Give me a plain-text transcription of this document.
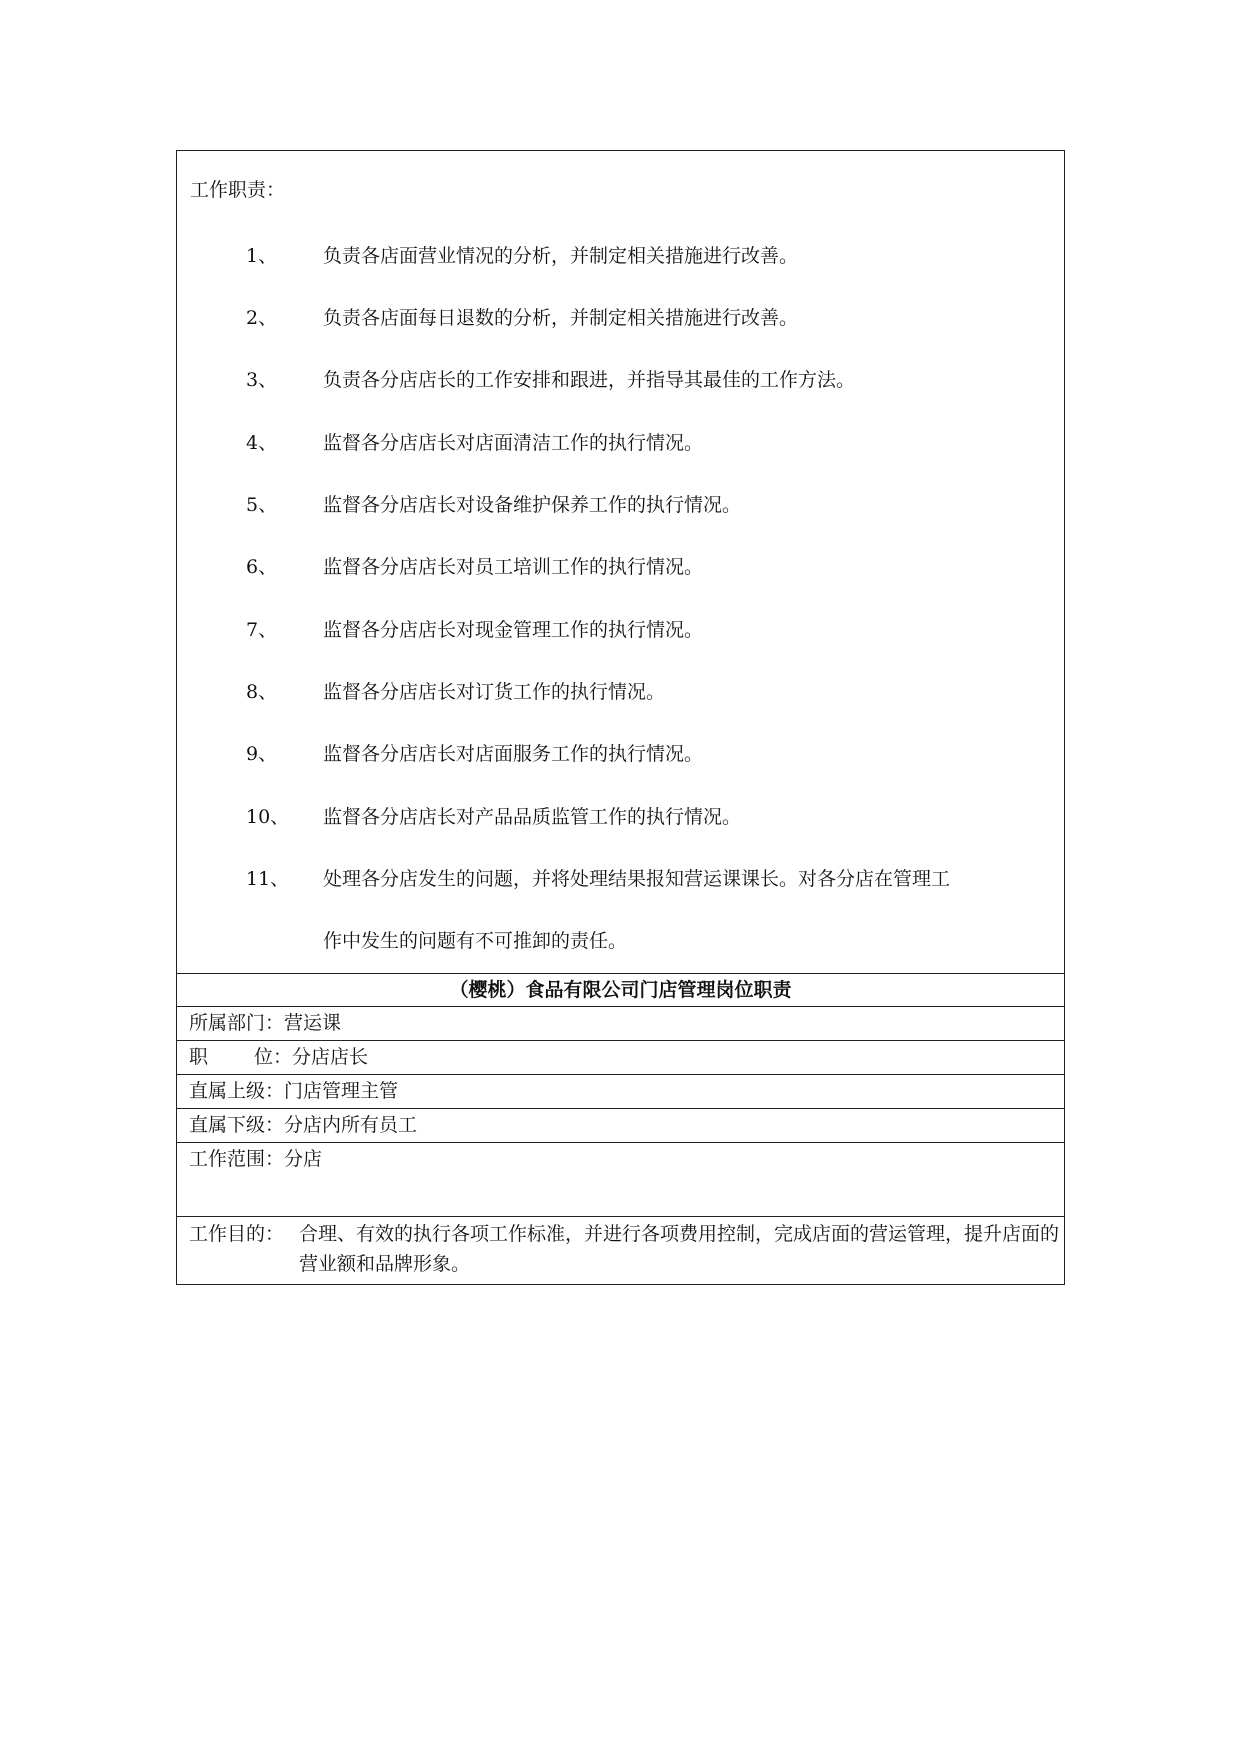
工作职责：
1、 负责各店面营业情况的分析，并制定相关措施进行改善。
2、 负责各店面每日退数的分析，并制定相关措施进行改善。
3、 负责各分店店长的工作安排和跟进，并指导其最佳的工作方法。
4、 监督各分店店长对店面清洁工作的执行情况。
5、 监督各分店店长对设备维护保养工作的执行情况。
6、 监督各分店店长对员工培训工作的执行情况。
7、 监督各分店店长对现金管理工作的执行情况。
8、 监督各分店店长对订货工作的执行情况。
9、 监督各分店店长对店面服务工作的执行情况。
10、 监督各分店店长对产品品质监管工作的执行情况。
11、 处理各分店发生的问题，并将处理结果报知营运课课长。对各分店在管理工
作中发生的问题有不可推卸的责任。
（樱桃）食品有限公司门店管理岗位职责
所属部门：营运课
职 位：分店店长
直属上级：门店管理主管
直属下级：分店内所有员工
工作范围：分店
工作目的： 合理、有效的执行各项工作标准，并进行各项费用控制，完成店面的营运管理，提升店面的营业额和品牌形象。
